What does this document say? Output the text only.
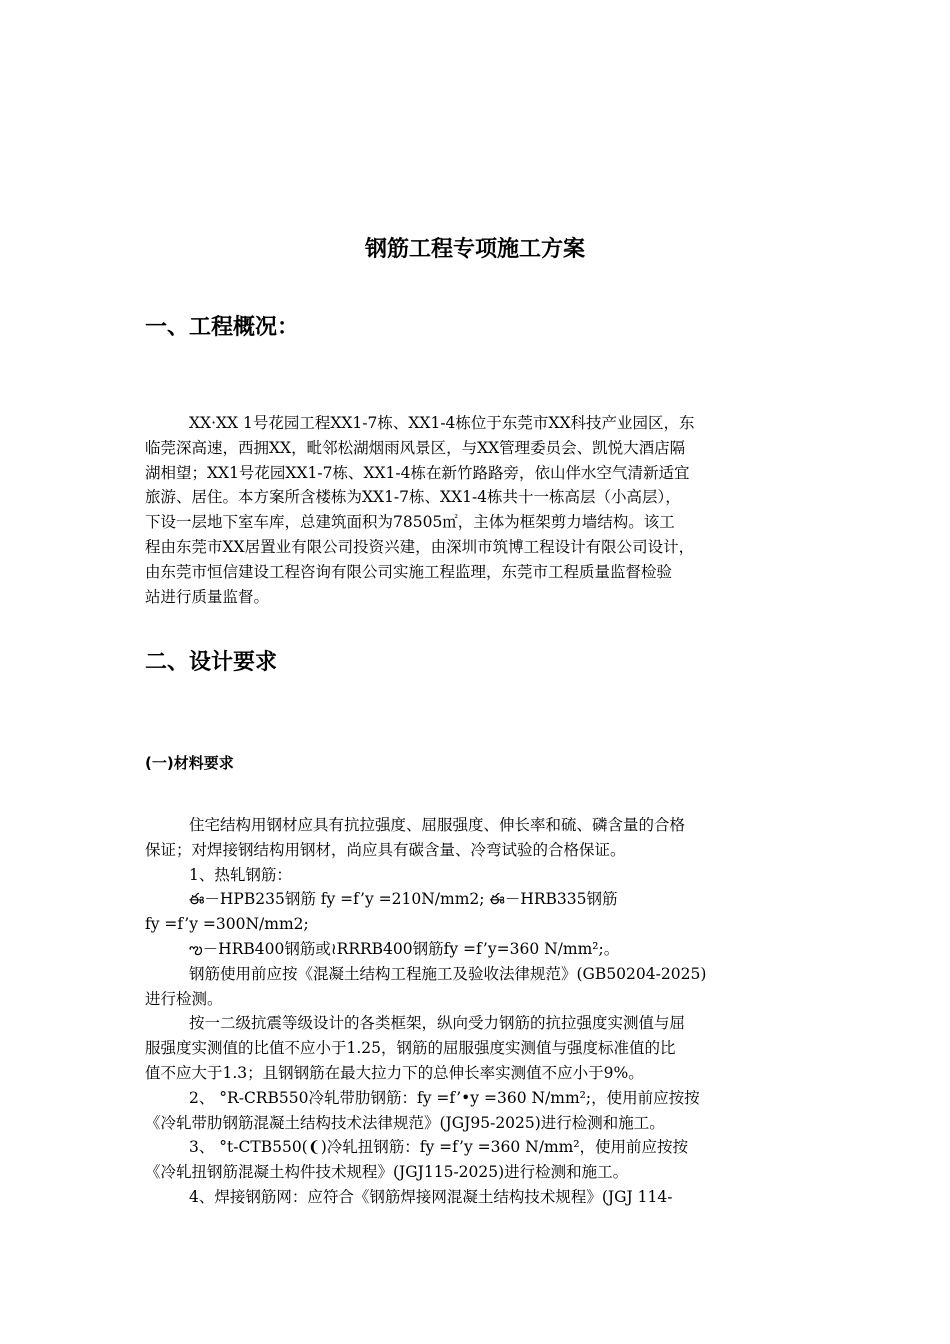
钢筋工程专项施工方案
一、工程概况：
XX·XX 1号花园工程XX1-7栋、XX1-4栋位于东莞市XX科技产业园区，东
临莞深高速，西拥XX，毗邻松湖烟雨风景区，与XX管理委员会、凯悦大酒店隔
湖相望；XX1号花园XX1-7栋、XX1-4栋在新竹路路旁，依山伴水空气清新适宜
旅游、居住。本方案所含楼栋为XX1-7栋、XX1-4栋共十一栋高层（小高层），
下设一层地下室车库，总建筑面积为78505㎡，主体为框架剪力墙结构。该工
程由东莞市XX居置业有限公司投资兴建，由深圳市筑博工程设计有限公司设计，
由东莞市恒信建设工程咨询有限公司实施工程监理，东莞市工程质量监督检验
站进行质量监督。
二、设计要求
(一)材料要求
住宅结构用钢材应具有抗拉强度、屈服强度、伸长率和硫、磷含量的合格
保证；对焊接钢结构用钢材，尚应具有碳含量、冷弯试验的合格保证。
1、热轧钢筋：
ఈ－HPB235钢筋 fy =f’y =210N/mm2; ఈ－HRB335钢筋
fy =f’y =300N/mm2;
ఌ－HRB400钢筋或≀RRRB400钢筋fy =f’y=360 N/mm²;。
钢筋使用前应按《混凝土结构工程施工及验收法律规范》(GB50204-2025)
进行检测。
按一二级抗震等级设计的各类框架，纵向受力钢筋的抗拉强度实测值与屈
服强度实测值的比值不应小于1.25，钢筋的屈服强度实测值与强度标准值的比
值不应大于1.3；且钢钢筋在最大拉力下的总伸长率实测值不应小于9%。
2、 °R-CRB550冷轧带肋钢筋：fy =f’•y =360 N/mm²;，使用前应按按
《冷轧带肋钢筋混凝土结构技术法律规范》(JGJ95-2025)进行检测和施工。
3、 °t-CTB550(❨)冷轧扭钢筋：fy =f’y =360 N/mm²，使用前应按按
《冷轧扭钢筋混凝土构件技术规程》(JGJ115-2025)进行检测和施工。
4、焊接钢筋网：应符合《钢筋焊接网混凝土结构技术规程》(JGJ 114-
